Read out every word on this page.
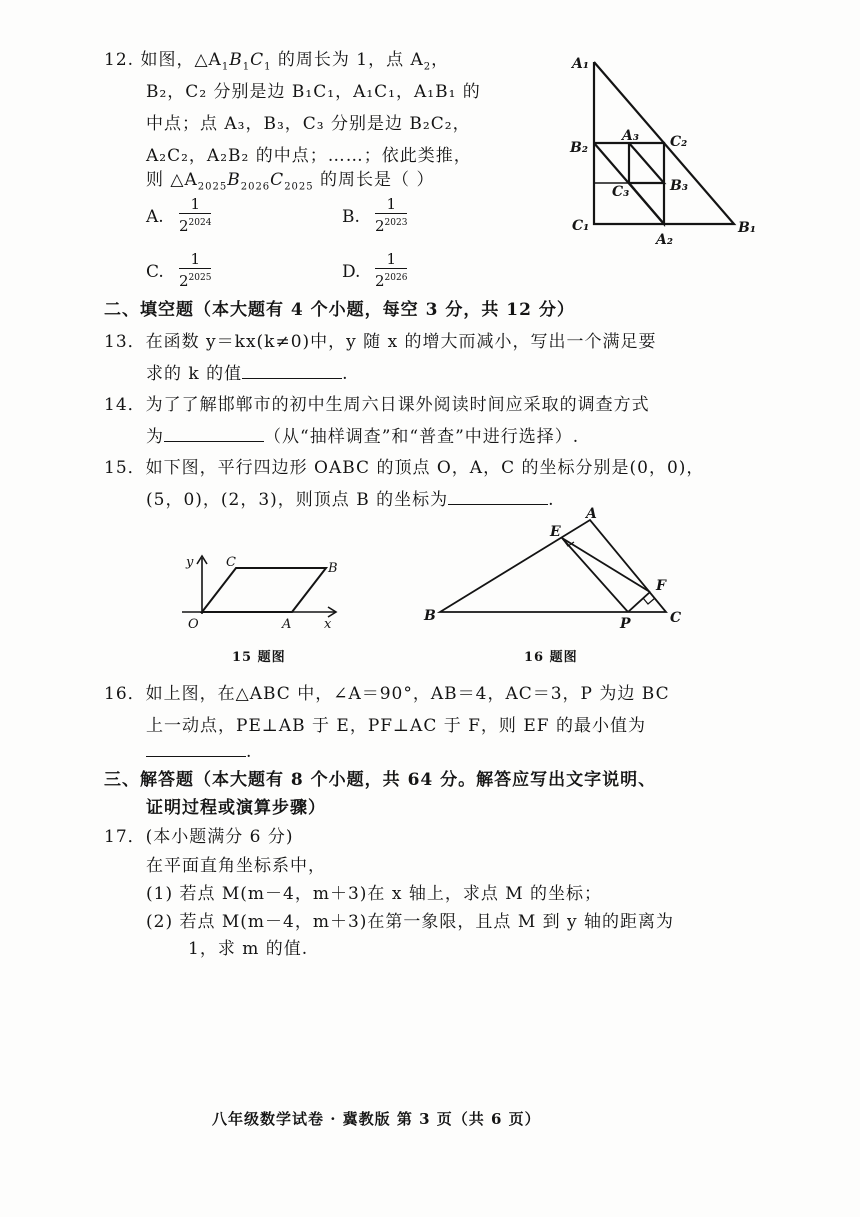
12. 如图，$\triangle A_1B_1C_1$ 的周长为 1，点 $A_2$，
B₂，C₂ 分别是边 B₁C₁，A₁C₁，A₁B₁ 的
中点；点 A₃，B₃，C₃ 分别是边 B₂C₂，
A₂C₂，A₂B₂ 的中点；……；依此类推，
则 $\triangle A_{2025}B_{2026}C_{2025}$ 的周长是（ ）
A. $\frac{1}{2^{2024}}$	B. $\frac{1}{2^{2023}}$
C. $\frac{1}{2^{2025}}$	D. $\frac{1}{2^{2026}}$
A₁
B₂
A₃ C₂
C₃	B₃
C₁
A₂
B₁
二、填空题（本大题有 4 个小题，每空 3 分，共 12 分）
13．在函数 y＝kx(k≠0)中，y 随 x 的增大而减小，写出一个满足要
求的 k 的值	.
14．为了了解邯郸市的初中生周六日课外阅读时间应采取的调查方式
为	（从“抽样调查”和“普查”中进行选择）.
15．如下图，平行四边形 OABC 的顶点 O，A，C 的坐标分别是(0，0)，
(5，0)，(2，3)，则顶点 B 的坐标为	.
y
x
O	A
B
C
E
A
F
B	P	C
15 题图	16 题图
16．如上图，在△ABC 中，∠A＝90°，AB＝4，AC＝3，P 为边 BC
上一动点，PE⊥AB 于 E，PF⊥AC 于 F，则 EF 的最小值为
.
三、解答题（本大题有 8 个小题，共 64 分。解答应写出文字说明、
证明过程或演算步骤）
17．(本小题满分 6 分)
在平面直角坐标系中，
(1) 若点 M(m－4，m＋3)在 x 轴上，求点 M 的坐标；
(2) 若点 M(m－4，m＋3)在第一象限，且点 M 到 y 轴的距离为
1，求 m 的值.
八年级数学试卷 · 冀教版 第 3 页（共 6 页）
